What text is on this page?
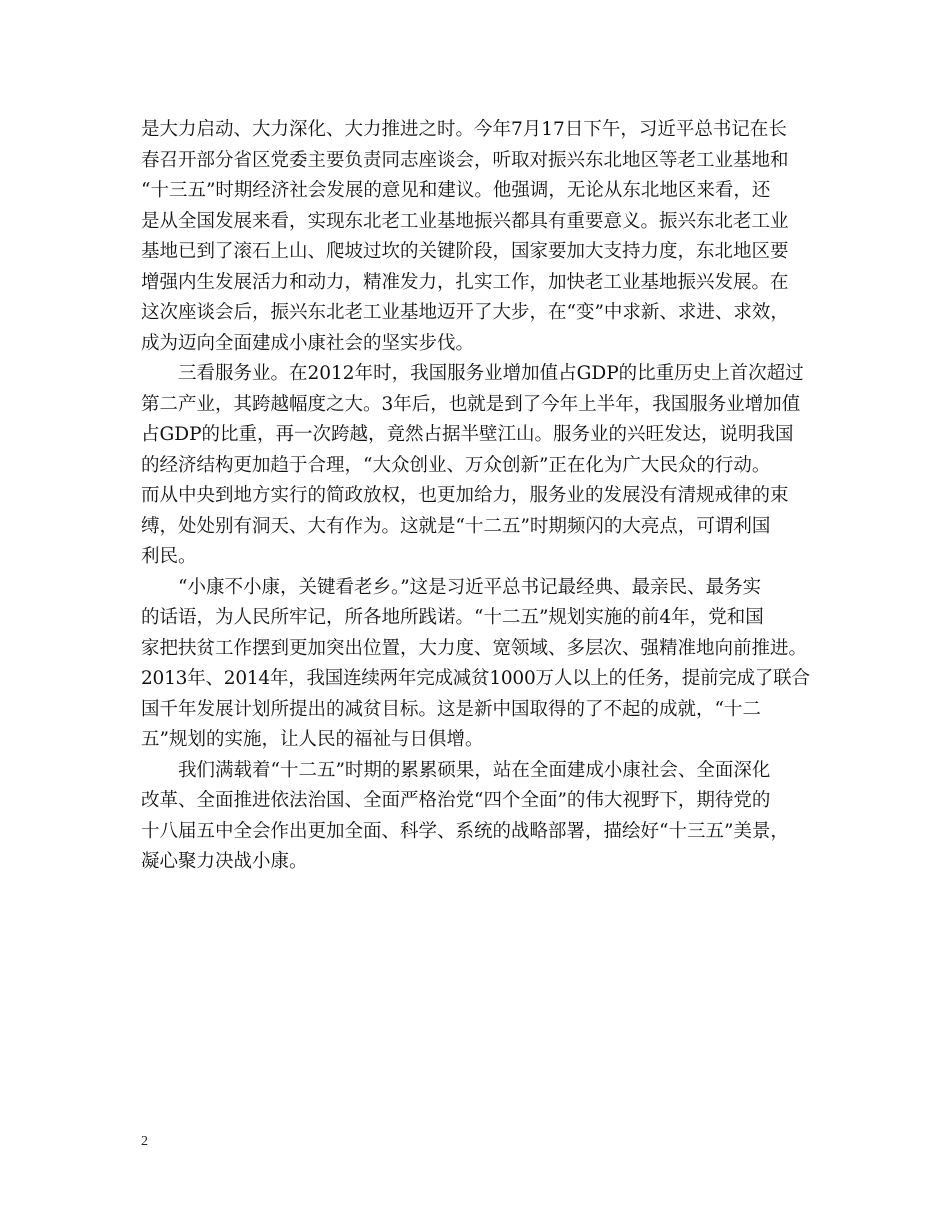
是大力启动、大力深化、大力推进之时。今年7月17日下午，习近平总书记在长
春召开部分省区党委主要负责同志座谈会，听取对振兴东北地区等老工业基地和
“十三五”时期经济社会发展的意见和建议。他强调，无论从东北地区来看，还
是从全国发展来看，实现东北老工业基地振兴都具有重要意义。振兴东北老工业
基地已到了滚石上山、爬坡过坎的关键阶段，国家要加大支持力度，东北地区要
增强内生发展活力和动力，精准发力，扎实工作，加快老工业基地振兴发展。在
这次座谈会后，振兴东北老工业基地迈开了大步，在“变”中求新、求进、求效，
成为迈向全面建成小康社会的坚实步伐。
　　三看服务业。在2012年时，我国服务业增加值占GDP的比重历史上首次超过
第二产业，其跨越幅度之大。3年后，也就是到了今年上半年，我国服务业增加值
占GDP的比重，再一次跨越，竟然占据半壁江山。服务业的兴旺发达，说明我国
的经济结构更加趋于合理，“大众创业、万众创新”正在化为广大民众的行动。
而从中央到地方实行的简政放权，也更加给力，服务业的发展没有清规戒律的束
缚，处处别有洞天、大有作为。这就是“十二五”时期频闪的大亮点，可谓利国
利民。
　　“小康不小康，关键看老乡。”这是习近平总书记最经典、最亲民、最务实
的话语，为人民所牢记，所各地所践诺。“十二五”规划实施的前4年，党和国
家把扶贫工作摆到更加突出位置，大力度、宽领域、多层次、强精准地向前推进。
2013年、2014年，我国连续两年完成减贫1000万人以上的任务，提前完成了联合
国千年发展计划所提出的减贫目标。这是新中国取得的了不起的成就，“十二
五”规划的实施，让人民的福祉与日俱增。
　　我们满载着“十二五”时期的累累硕果，站在全面建成小康社会、全面深化
改革、全面推进依法治国、全面严格治党“四个全面”的伟大视野下，期待党的
十八届五中全会作出更加全面、科学、系统的战略部署，描绘好“十三五”美景，
凝心聚力决战小康。
2
